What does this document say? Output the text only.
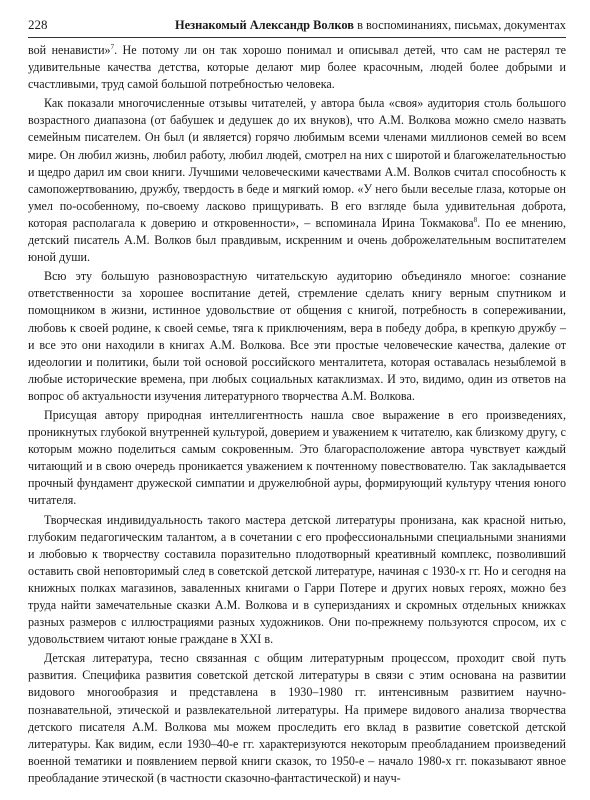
228	Незнакомый Александр Волков в воспоминаниях, письмах, документах

вой ненависти»$^7$. Не потому ли он так хорошо понимал и описывал детей, что сам не растерял те удивительные качества детства, которые делают мир более красочным, людей более добрыми и счастливыми, труд самой большой потребностью человека.

Как показали многочисленные отзывы читателей, у автора была «своя» аудитория столь большого возрастного диапазона (от бабушек и дедушек до их внуков), что А.М. Волкова можно смело назвать семейным писателем. Он был (и является) горячо любимым всеми членами миллионов семей во всем мире. Он любил жизнь, любил работу, любил людей, смотрел на них с широтой и благожелательностью и щедро дарил им свои книги. Лучшими человеческими качествами А.М. Волков считал способность к самопожертвованию, дружбу, твердость в беде и мягкий юмор. «У него были веселые глаза, которые он умел по-особенному, по-своему ласково прищуривать. В его взгляде была удивительная доброта, которая располагала к доверию и откровенности», – вспоминала Ирина Токмакова$^8$. По ее мнению, детский писатель А.М. Волков был правдивым, искренним и очень доброжелательным воспитателем юной души.

Всю эту большую разновозрастную читательскую аудиторию объединяло многое: сознание ответственности за хорошее воспитание детей, стремление сделать книгу верным спутником и помощником в жизни, истинное удовольствие от общения с книгой, потребность в сопереживании, любовь к своей родине, к своей семье, тяга к приключениям, вера в победу добра, в крепкую дружбу – и все это они находили в книгах А.М. Волкова. Все эти простые человеческие качества, далекие от идеологии и политики, были той основой российского менталитета, которая оставалась незыблемой в любые исторические времена, при любых социальных катаклизмах. И это, видимо, один из ответов на вопрос об актуальности изучения литературного творчества А.М. Волкова.

Присущая автору природная интеллигентность нашла свое выражение в его произведениях, проникнутых глубокой внутренней культурой, доверием и уважением к читателю, как близкому другу, с которым можно поделиться самым сокровенным. Это благорасположение автора чувствует каждый читающий и в свою очередь проникается уважением к почтенному повествователю. Так закладывается прочный фундамент дружеской симпатии и дружелюбной ауры, формирующий культуру чтения юного читателя.

Творческая индивидуальность такого мастера детской литературы пронизана, как красной нитью, глубоким педагогическим талантом, а в сочетании с его профессиональными специальными знаниями и любовью к творчеству составила поразительно плодотворный креативный комплекс, позволивший оставить свой неповторимый след в советской детской литературе, начиная с 1930-х гг. Но и сегодня на книжных полках магазинов, заваленных книгами о Гарри Потере и других новых героях, можно без труда найти замечательные сказки А.М. Волкова и в суперизданиях и скромных отдельных книжках разных размеров с иллюстрациями разных художников. Они по-прежнему пользуются спросом, их с удовольствием читают юные граждане в XXI в.

Детская литература, тесно связанная с общим литературным процессом, проходит свой путь развития. Специфика развития советской детской литературы в связи с этим основана на развитии видового многообразия и представлена в 1930–1980 гг. интенсивным развитием научно-познавательной, этической и развлекательной литературы. На примере видового анализа творчества детского писателя А.М. Волкова мы можем проследить его вклад в развитие советской детской литературы. Как видим, если 1930–40-е гг. характеризуются некоторым преобладанием произведений военной тематики и появлением первой книги сказок, то 1950-е – начало 1980-х гг. показывают явное преобладание этической (в частности сказочно-фантастической) и науч-
